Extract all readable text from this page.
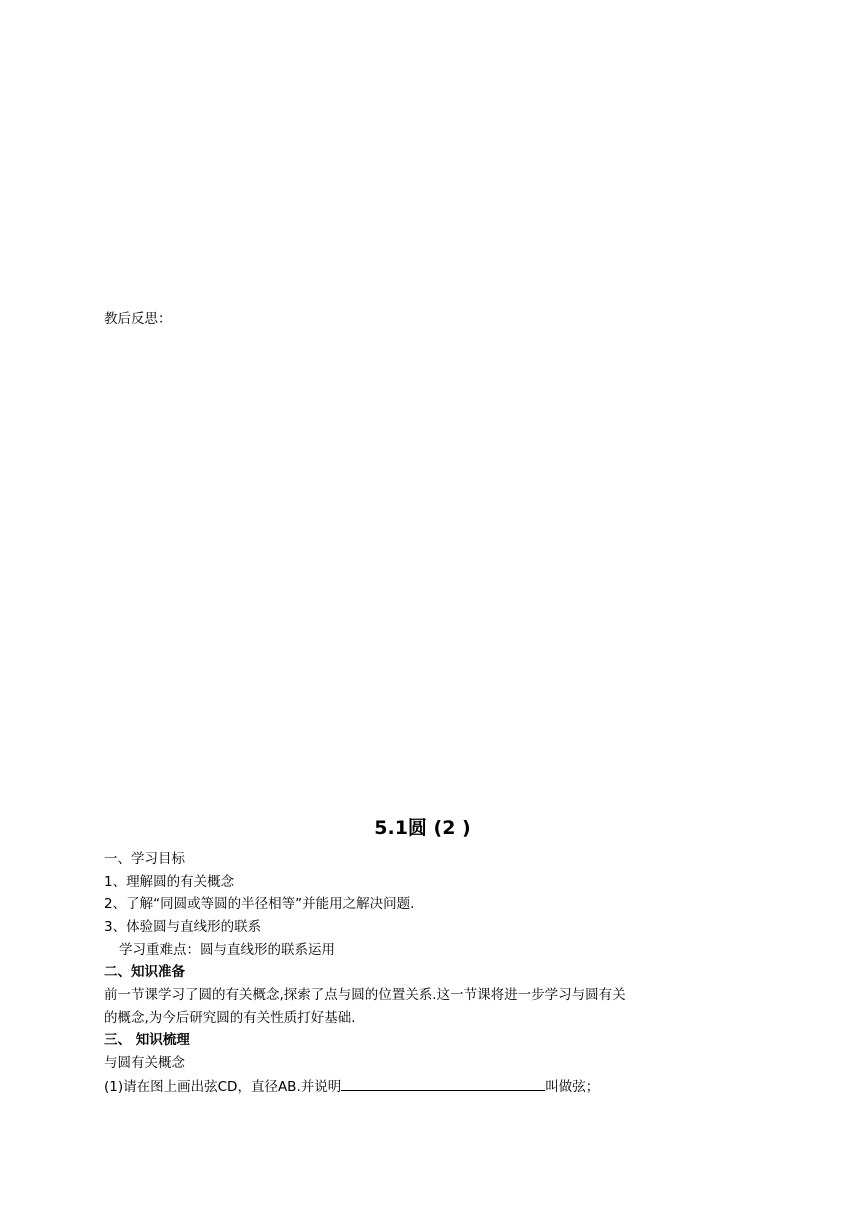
教后反思：
5.1圆 (2 )
一、学习目标
1、理解圆的有关概念
2、了解“同圆或等圆的半径相等”并能用之解决问题.
3、体验圆与直线形的联系
学习重难点：圆与直线形的联系运用
二、知识准备
前一节课学习了圆的有关概念,探索了点与圆的位置关系.这一节课将进一步学习与圆有关
的概念,为今后研究圆的有关性质打好基础.
三、 知识梳理
与圆有关概念
(1)请在图上画出弦CD，直径AB.并说明	叫做弦；
